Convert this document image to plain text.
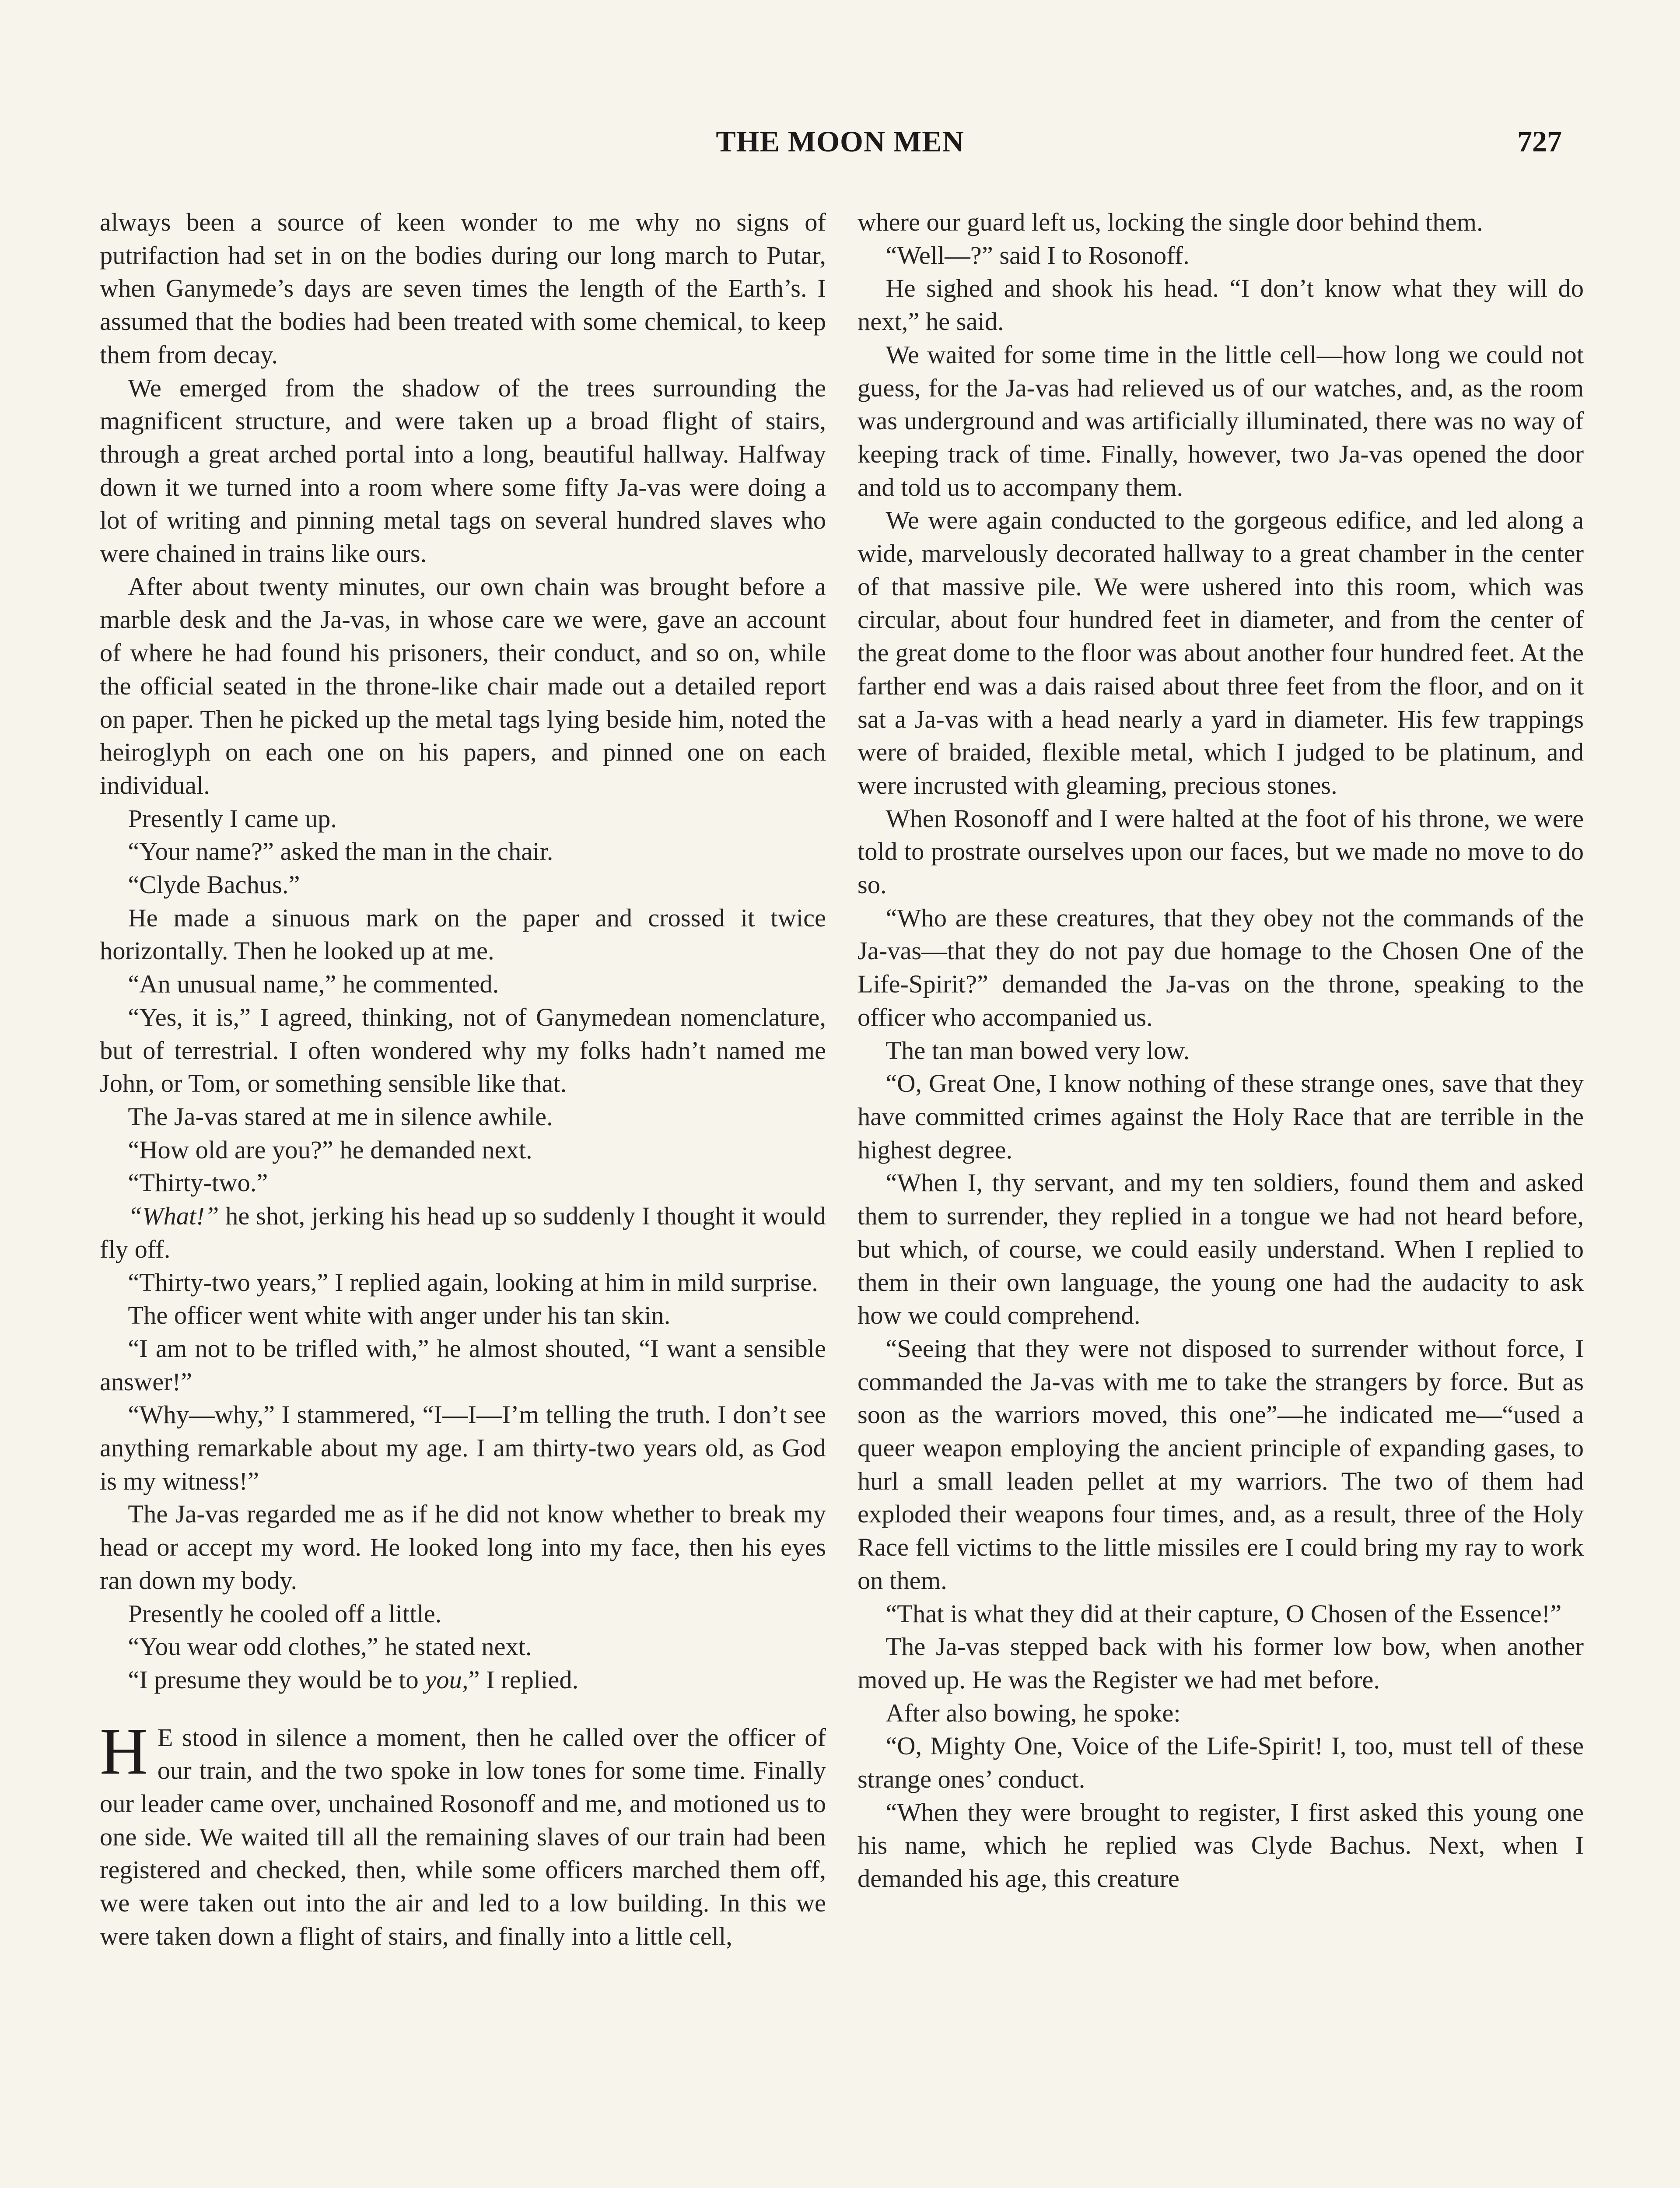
THE MOON MEN	727

always been a source of keen wonder to me why no signs of putrifaction had set in on the bodies during our long march to Putar, when Ganymede’s days are seven times the length of the Earth’s. I assumed that the bodies had been treated with some chemical, to keep them from decay.

We emerged from the shadow of the trees surrounding the magnificent structure, and were taken up a broad flight of stairs, through a great arched portal into a long, beautiful hallway. Halfway down it we turned into a room where some fifty Ja-vas were doing a lot of writing and pinning metal tags on several hundred slaves who were chained in trains like ours.

After about twenty minutes, our own chain was brought before a marble desk and the Ja-vas, in whose care we were, gave an account of where he had found his prisoners, their conduct, and so on, while the official seated in the throne-like chair made out a detailed report on paper. Then he picked up the metal tags lying beside him, noted the heiroglyph on each one on his papers, and pinned one on each individual.

Presently I came up.

“Your name?” asked the man in the chair.

“Clyde Bachus.”

He made a sinuous mark on the paper and crossed it twice horizontally. Then he looked up at me.

“An unusual name,” he commented.

“Yes, it is,” I agreed, thinking, not of Ganymedean nomenclature, but of terrestrial. I often wondered why my folks hadn’t named me John, or Tom, or something sensible like that.

The Ja-vas stared at me in silence awhile.

“How old are you?” he demanded next.

“Thirty-two.”

“What!” he shot, jerking his head up so suddenly I thought it would fly off.

“Thirty-two years,” I replied again, looking at him in mild surprise.

The officer went white with anger under his tan skin.

“I am not to be trifled with,” he almost shouted, “I want a sensible answer!”

“Why—why,” I stammered, “I—I—I’m telling the truth. I don’t see anything remarkable about my age. I am thirty-two years old, as God is my witness!”

The Ja-vas regarded me as if he did not know whether to break my head or accept my word. He looked long into my face, then his eyes ran down my body.

Presently he cooled off a little.

“You wear odd clothes,” he stated next.

“I presume they would be to you,” I replied.

H E stood in silence a moment, then he called over the officer of our train, and the two spoke in low tones for some time. Finally our leader came over, unchained Rosonoff and me, and motioned us to one side. We waited till all the remaining slaves of our train had been registered and checked, then, while some officers marched them off, we were taken out into the air and led to a low building. In this we were taken down a flight of stairs, and finally into a little cell,

where our guard left us, locking the single door behind them.

“Well—?” said I to Rosonoff.

He sighed and shook his head. “I don’t know what they will do next,” he said.

We waited for some time in the little cell—how long we could not guess, for the Ja-vas had relieved us of our watches, and, as the room was underground and was artificially illuminated, there was no way of keeping track of time. Finally, however, two Ja-vas opened the door and told us to accompany them.

We were again conducted to the gorgeous edifice, and led along a wide, marvelously decorated hallway to a great chamber in the center of that massive pile. We were ushered into this room, which was circular, about four hundred feet in diameter, and from the center of the great dome to the floor was about another four hundred feet. At the farther end was a dais raised about three feet from the floor, and on it sat a Ja-vas with a head nearly a yard in diameter. His few trappings were of braided, flexible metal, which I judged to be platinum, and were incrusted with gleaming, precious stones.

When Rosonoff and I were halted at the foot of his throne, we were told to prostrate ourselves upon our faces, but we made no move to do so.

“Who are these creatures, that they obey not the commands of the Ja-vas—that they do not pay due homage to the Chosen One of the Life-Spirit?” demanded the Ja-vas on the throne, speaking to the officer who accompanied us.

The tan man bowed very low.

“O, Great One, I know nothing of these strange ones, save that they have committed crimes against the Holy Race that are terrible in the highest degree.

“When I, thy servant, and my ten soldiers, found them and asked them to surrender, they replied in a tongue we had not heard before, but which, of course, we could easily understand. When I replied to them in their own language, the young one had the audacity to ask how we could comprehend.

“Seeing that they were not disposed to surrender without force, I commanded the Ja-vas with me to take the strangers by force. But as soon as the warriors moved, this one”—he indicated me—“used a queer weapon employing the ancient principle of expanding gases, to hurl a small leaden pellet at my warriors. The two of them had exploded their weapons four times, and, as a result, three of the Holy Race fell victims to the little missiles ere I could bring my ray to work on them.

“That is what they did at their capture, O Chosen of the Essence!”

The Ja-vas stepped back with his former low bow, when another moved up. He was the Register we had met before.

After also bowing, he spoke:

“O, Mighty One, Voice of the Life-Spirit! I, too, must tell of these strange ones’ conduct.

“When they were brought to register, I first asked this young one his name, which he replied was Clyde Bachus. Next, when I demanded his age, this creature
